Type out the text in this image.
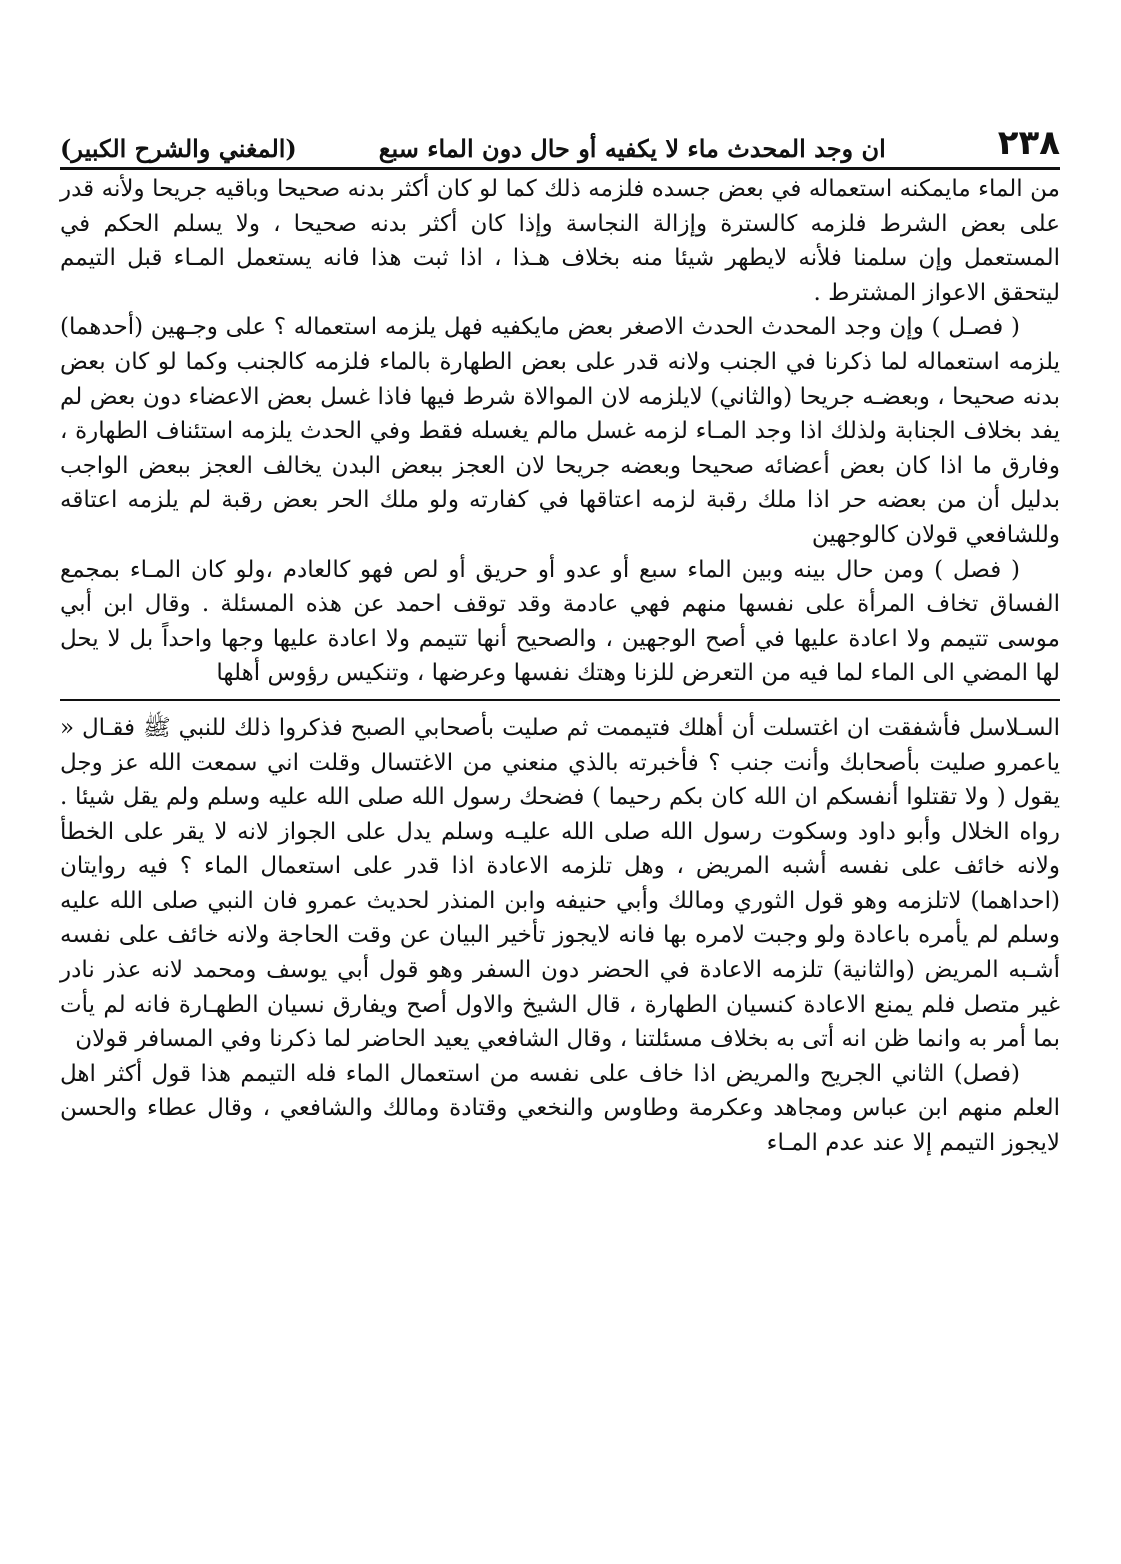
٢٣٨
ان وجد المحدث ماء لا يكفيه أو حال دون الماء سبع
(المغني والشرح الكبير)

من الماء مايمكنه استعماله في بعض جسده فلزمه ذلك كما لو كان أكثر بدنه صحيحا وباقيه جريحا ولأنه قدر على بعض الشرط فلزمه كالسترة وإزالة النجاسة وإذا كان أكثر بدنه صحيحا ، ولا يسلم الحكم في المستعمل وإن سلمنا فلأنه لايطهر شيئا منه بخلاف هـذا ، اذا ثبت هذا فانه يستعمل المـاء قبل التيمم ليتحقق الاعواز المشترط .

( فصـل ) وإن وجد المحدث الحدث الاصغر بعض مايكفيه فهل يلزمه استعماله ؟ على وجـهين (أحدهما) يلزمه استعماله لما ذكرنا في الجنب ولانه قدر على بعض الطهارة بالماء فلزمه كالجنب وكما لو كان بعض بدنه صحيحا ، وبعضـه جريحا (والثاني) لايلزمه لان الموالاة شرط فيها فاذا غسل بعض الاعضاء دون بعض لم يفد بخلاف الجنابة ولذلك اذا وجد المـاء لزمه غسل مالم يغسله فقط وفي الحدث يلزمه استئناف الطهارة ، وفارق ما اذا كان بعض أعضائه صحيحا وبعضه جريحا لان العجز ببعض البدن يخالف العجز ببعض الواجب بدليل أن من بعضه حر اذا ملك رقبة لزمه اعتاقها في كفارته ولو ملك الحر بعض رقبة لم يلزمه اعتاقه وللشافعي قولان كالوجهين

( فصل ) ومن حال بينه وبين الماء سبع أو عدو أو حريق أو لص فهو كالعادم ،ولو كان المـاء بمجمع الفساق تخاف المرأة على نفسها منهم فهي عادمة وقد توقف احمد عن هذه المسئلة . وقال ابن أبي موسى تتيمم ولا اعادة عليها في أصح الوجهين ، والصحيح أنها تتيمم ولا اعادة عليها وجها واحداً بل لا يحل لها المضي الى الماء لما فيه من التعرض للزنا وهتك نفسها وعرضها ، وتنكيس رؤوس أهلها

السـلاسل فأشفقت ان اغتسلت أن أهلك فتيممت ثم صليت بأصحابي الصبح فذكروا ذلك للنبي ﷺ فقـال « ياعمرو صليت بأصحابك وأنت جنب ؟ فأخبرته بالذي منعني من الاغتسال وقلت اني سمعت الله عز وجل يقول ( ولا تقتلوا أنفسكم ان الله كان بكم رحيما ) فضحك رسول الله صلى الله عليه وسلم ولم يقل شيئا . رواه الخلال وأبو داود وسكوت رسول الله صلى الله عليـه وسلم يدل على الجواز لانه لا يقر على الخطأ ولانه خائف على نفسه أشبه المريض ، وهل تلزمه الاعادة اذا قدر على استعمال الماء ؟ فيه روايتان (احداهما) لاتلزمه وهو قول الثوري ومالك وأبي حنيفه وابن المنذر لحديث عمرو فان النبي صلى الله عليه وسلم لم يأمره باعادة ولو وجبت لامره بها فانه لايجوز تأخير البيان عن وقت الحاجة ولانه خائف على نفسه أشـبه المريض (والثانية) تلزمه الاعادة في الحضر دون السفر وهو قول أبي يوسف ومحمد لانه عذر نادر غير متصل فلم يمنع الاعادة كنسيان الطهارة ، قال الشيخ والاول أصح ويفارق نسيان الطهـارة فانه لم يأت بما أمر به وانما ظن انه أتى به بخلاف مسئلتنا ، وقال الشافعي يعيد الحاضر لما ذكرنا وفي المسافر قولان

(فصل) الثاني الجريح والمريض اذا خاف على نفسه من استعمال الماء فله التيمم هذا قول أكثر اهل العلم منهم ابن عباس ومجاهد وعكرمة وطاوس والنخعي وقتادة ومالك والشافعي ، وقال عطاء والحسن لايجوز التيمم إلا عند عدم المـاء
